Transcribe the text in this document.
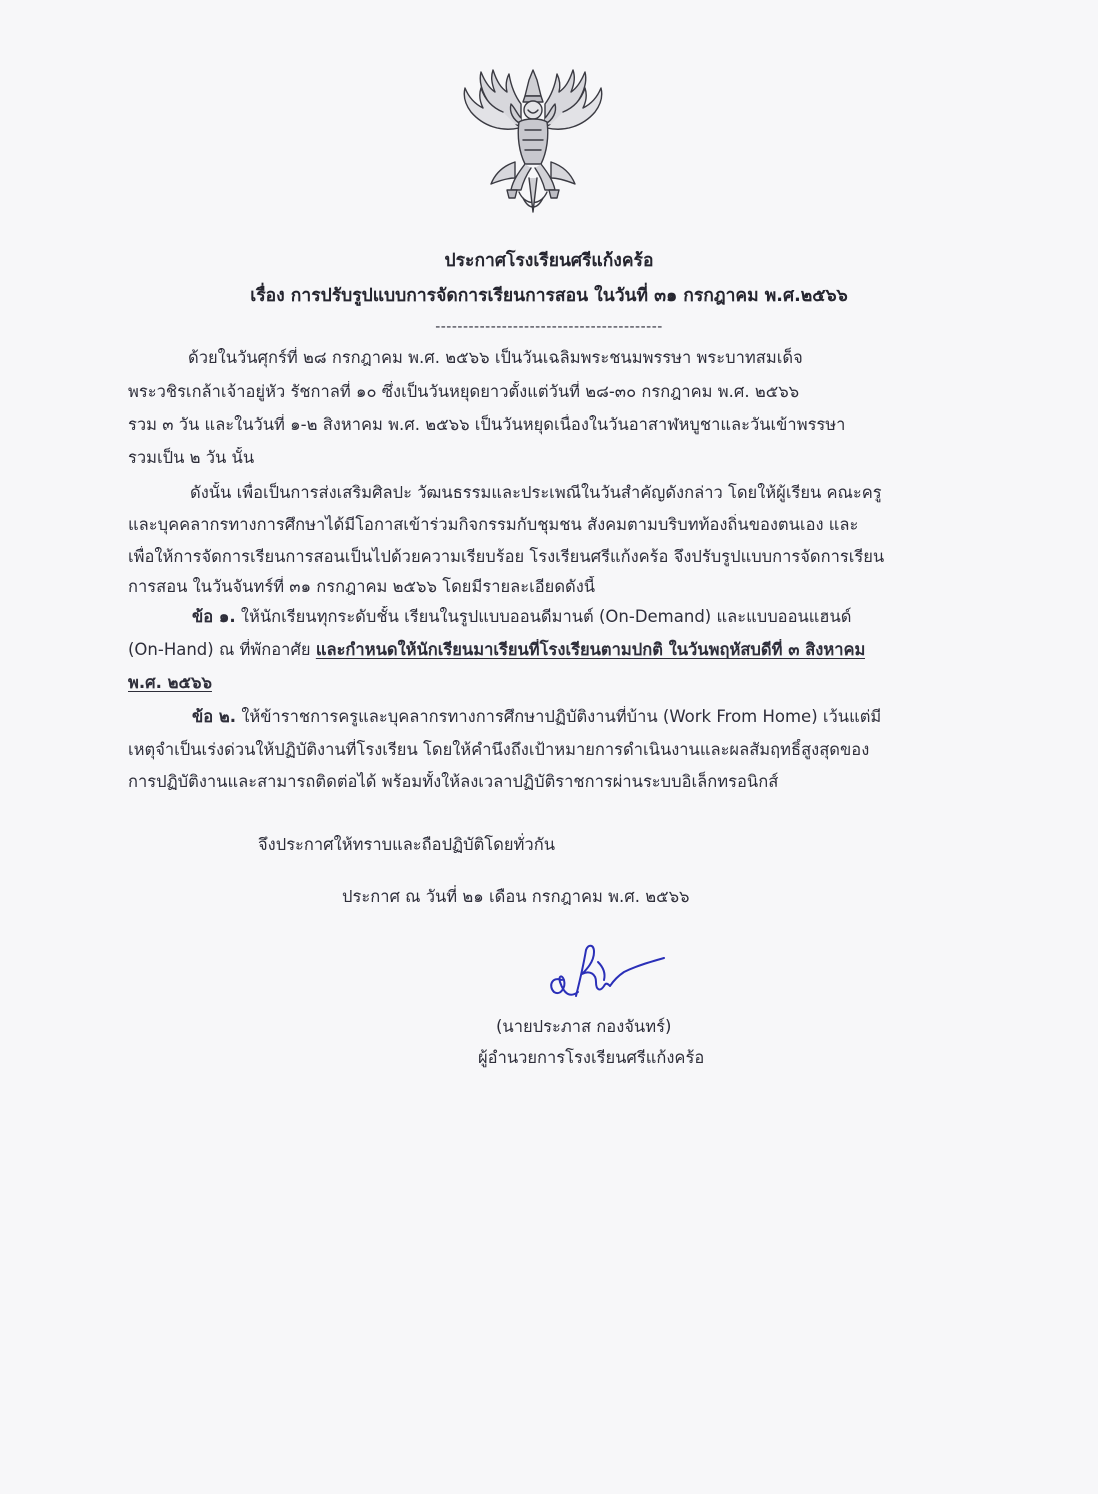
ประกาศโรงเรียนศรีแก้งคร้อ
เรื่อง การปรับรูปแบบการจัดการเรียนการสอน ในวันที่ ๓๑ กรกฎาคม พ.ศ.๒๕๖๖
-----------------------------------------
ด้วยในวันศุกร์ที่ ๒๘ กรกฎาคม พ.ศ. ๒๕๖๖ เป็นวันเฉลิมพระชนมพรรษา พระบาทสมเด็จ
พระวชิรเกล้าเจ้าอยู่หัว รัชกาลที่ ๑๐ ซึ่งเป็นวันหยุดยาวตั้งแต่วันที่ ๒๘-๓๐ กรกฎาคม พ.ศ. ๒๕๖๖
รวม ๓ วัน และในวันที่ ๑-๒ สิงหาคม พ.ศ. ๒๕๖๖ เป็นวันหยุดเนื่องในวันอาสาฬหบูชาและวันเข้าพรรษา
รวมเป็น ๒ วัน นั้น
ดังนั้น เพื่อเป็นการส่งเสริมศิลปะ วัฒนธรรมและประเพณีในวันสำคัญดังกล่าว โดยให้ผู้เรียน คณะครู
และบุคคลากรทางการศึกษาได้มีโอกาสเข้าร่วมกิจกรรมกับชุมชน สังคมตามบริบทท้องถิ่นของตนเอง และ
เพื่อให้การจัดการเรียนการสอนเป็นไปด้วยความเรียบร้อย โรงเรียนศรีแก้งคร้อ จึงปรับรูปแบบการจัดการเรียน
การสอน ในวันจันทร์ที่ ๓๑ กรกฎาคม ๒๕๖๖ โดยมีรายละเอียดดังนี้
ข้อ ๑. ให้นักเรียนทุกระดับชั้น เรียนในรูปแบบออนดีมานต์ (On-Demand) และแบบออนแฮนด์
(On-Hand) ณ ที่พักอาศัย และกำหนดให้นักเรียนมาเรียนที่โรงเรียนตามปกติ ในวันพฤหัสบดีที่ ๓ สิงหาคม
พ.ศ. ๒๕๖๖
ข้อ ๒. ให้ข้าราชการครูและบุคลากรทางการศึกษาปฏิบัติงานที่บ้าน (Work From Home) เว้นแต่มี
เหตุจำเป็นเร่งด่วนให้ปฏิบัติงานที่โรงเรียน โดยให้คำนึงถึงเป้าหมายการดำเนินงานและผลสัมฤทธิ์สูงสุดของ
การปฏิบัติงานและสามารถติดต่อได้ พร้อมทั้งให้ลงเวลาปฏิบัติราชการผ่านระบบอิเล็กทรอนิกส์
จึงประกาศให้ทราบและถือปฏิบัติโดยทั่วกัน
ประกาศ ณ วันที่ ๒๑ เดือน กรกฎาคม พ.ศ. ๒๕๖๖
(นายประภาส กองจันทร์)
ผู้อำนวยการโรงเรียนศรีแก้งคร้อ
